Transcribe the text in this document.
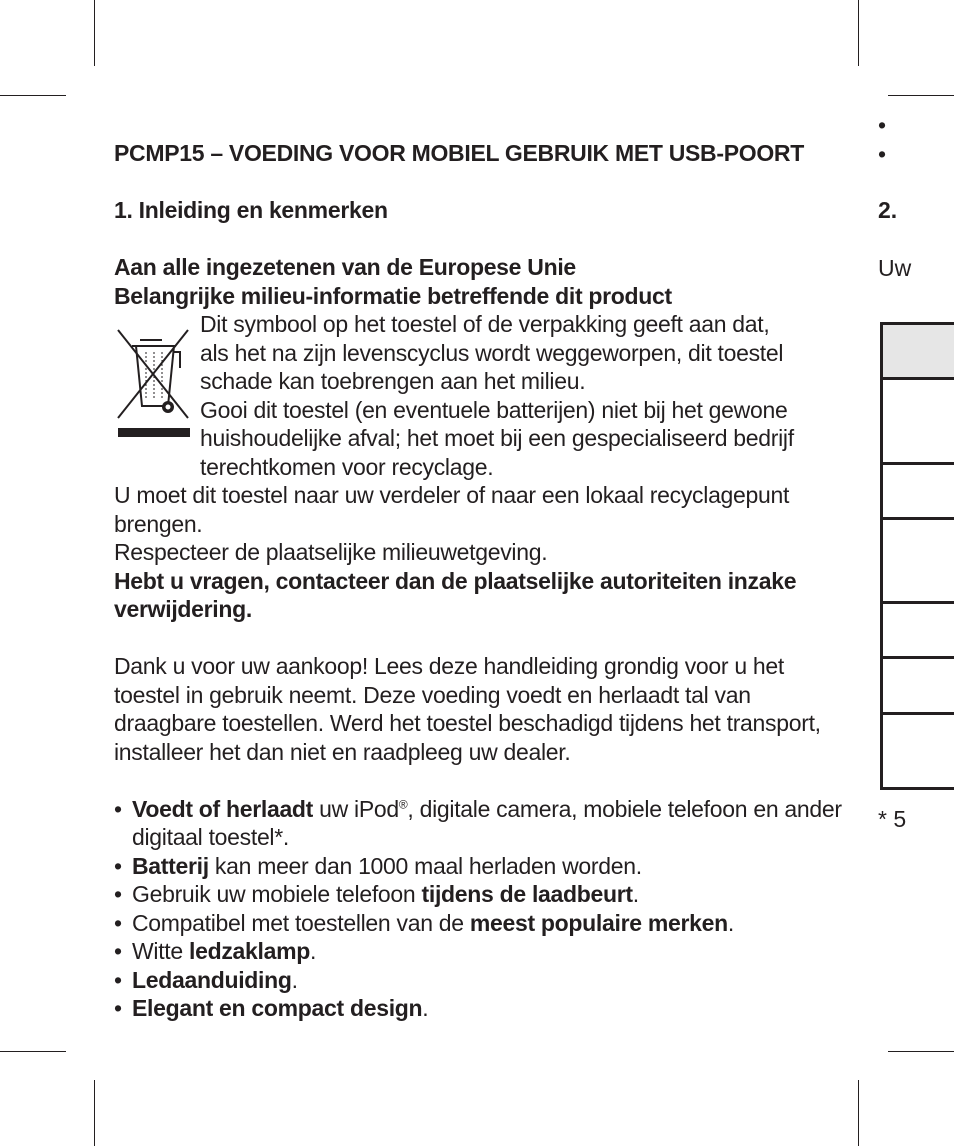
PCMP15 – VOEDING VOOR MOBIEL GEBRUIK MET USB-POORT

1. Inleiding en kenmerken

Aan alle ingezetenen van de Europese Unie

Belangrijke milieu-informatie betreffende dit product

Dit symbool op het toestel of de verpakking geeft aan dat,

als het na zijn levenscyclus wordt weggeworpen, dit toestel

schade kan toebrengen aan het milieu.

Gooi dit toestel (en eventuele batterijen) niet bij het gewone

huishoudelijke afval; het moet bij een gespecialiseerd bedrijf

terechtkomen voor recyclage.

U moet dit toestel naar uw verdeler of naar een lokaal recyclagepunt brengen.

Respecteer de plaatselijke milieuwetgeving.

Hebt u vragen, contacteer dan de plaatselijke autoriteiten inzake verwijdering.

Dank u voor uw aankoop! Lees deze handleiding grondig voor u het toestel in gebruik neemt. Deze voeding voedt en herlaadt tal van draagbare toestellen. Werd het toestel beschadigd tijdens het transport, installeer het dan niet en raadpleeg uw dealer.

• Voedt of herlaadt uw iPod®, digitale camera, mobiele telefoon en ander digitaal toestel*.
• Batterij kan meer dan 1000 maal herladen worden.
• Gebruik uw mobiele telefoon tijdens de laadbeurt.
• Compatibel met toestellen van de meest populaire merken.
• Witte ledzaklamp.
• Ledaanduiding.
• Elegant en compact design.
•
•
2.
Uw
* 5
